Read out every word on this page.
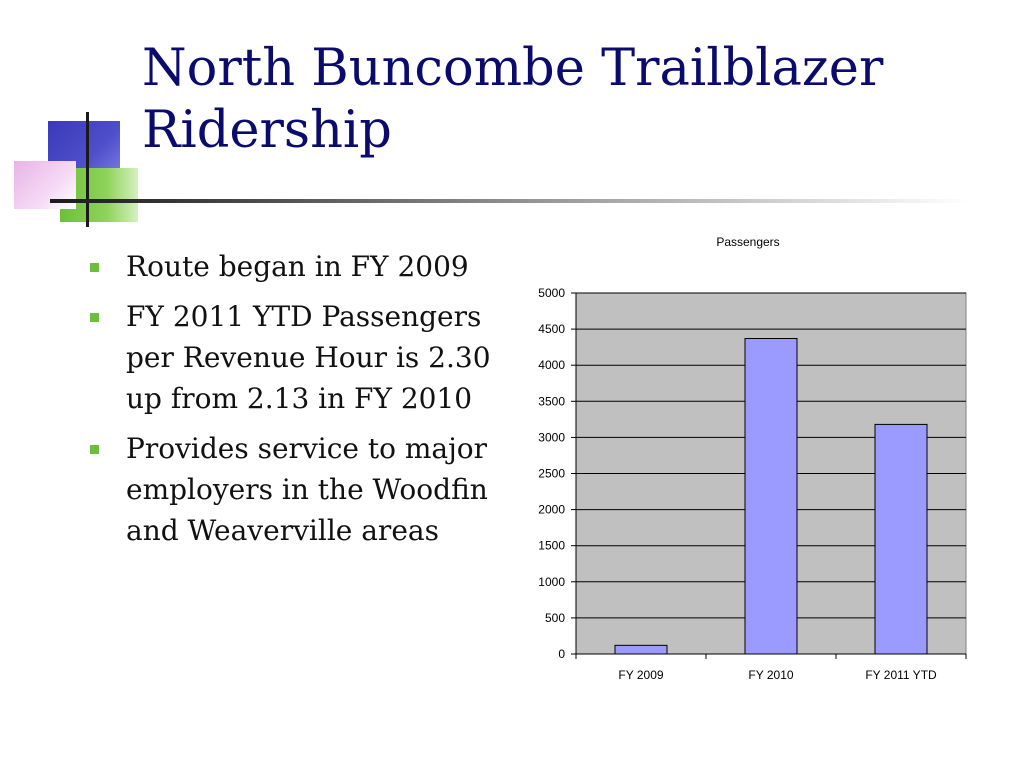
North Buncombe Trailblazer Ridership
Route began in FY 2009
FY 2011 YTD Passengers per Revenue Hour is 2.30 up from 2.13 in FY 2010
Provides service to major employers in the Woodfin and Weaverville areas
Passengers
0
500
1000
1500
2000
2500
3000
3500
4000
4500
5000
FY 2009	FY 2010	FY 2011 YTD
